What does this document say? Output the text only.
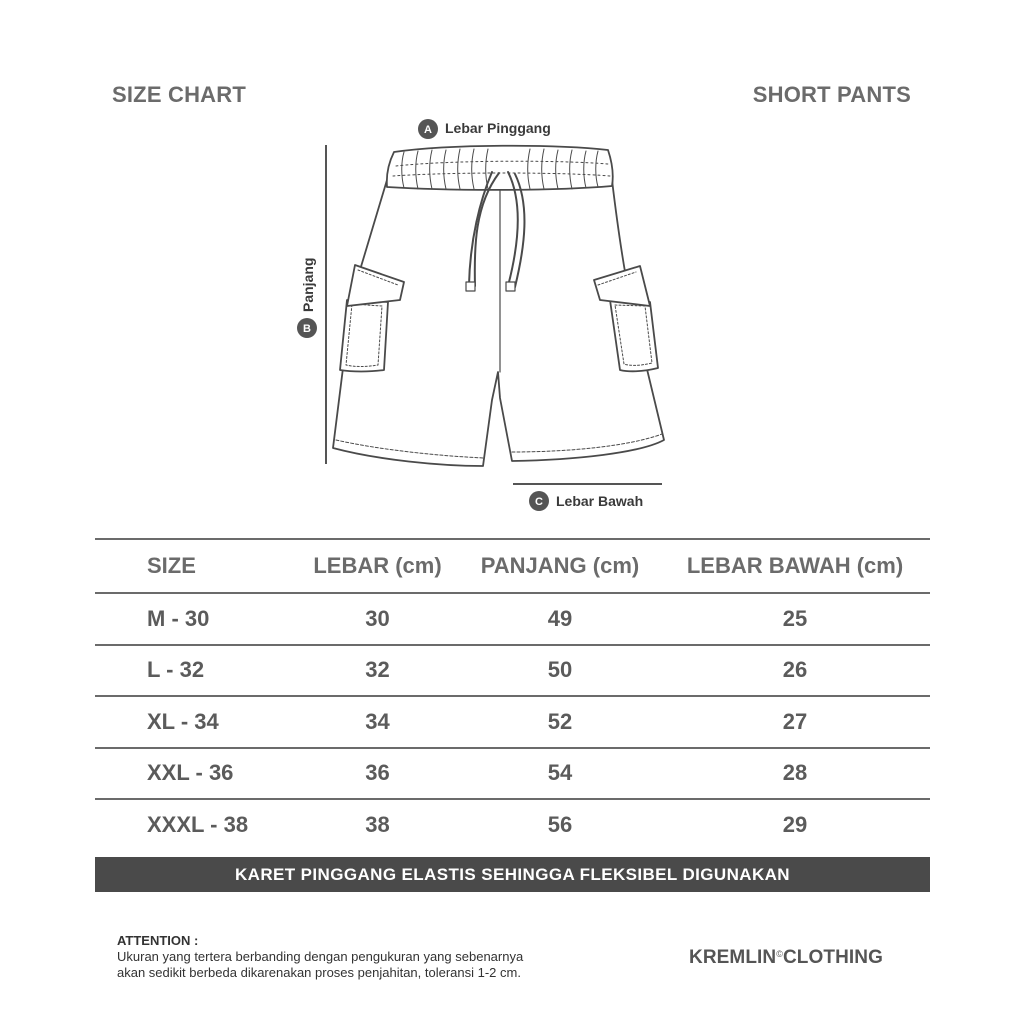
SIZE CHART	SHORT PANTS
A Lebar Pinggang
B
Panjang
C Lebar Bawah
SIZE	LEBAR (cm)	PANJANG (cm)	LEBAR BAWAH (cm)
M - 30	30	49	25
L - 32	32	50	26
XL - 34	34	52	27
XXL - 36	36	54	28
XXXL - 38	38	56	29
KARET PINGGANG ELASTIS SEHINGGA FLEKSIBEL DIGUNAKAN
ATTENTION :
Ukuran yang tertera berbanding dengan pengukuran yang sebenarnya
akan sedikit berbeda dikarenakan proses penjahitan, toleransi 1-2 cm.
KREMLIN©CLOTHING
